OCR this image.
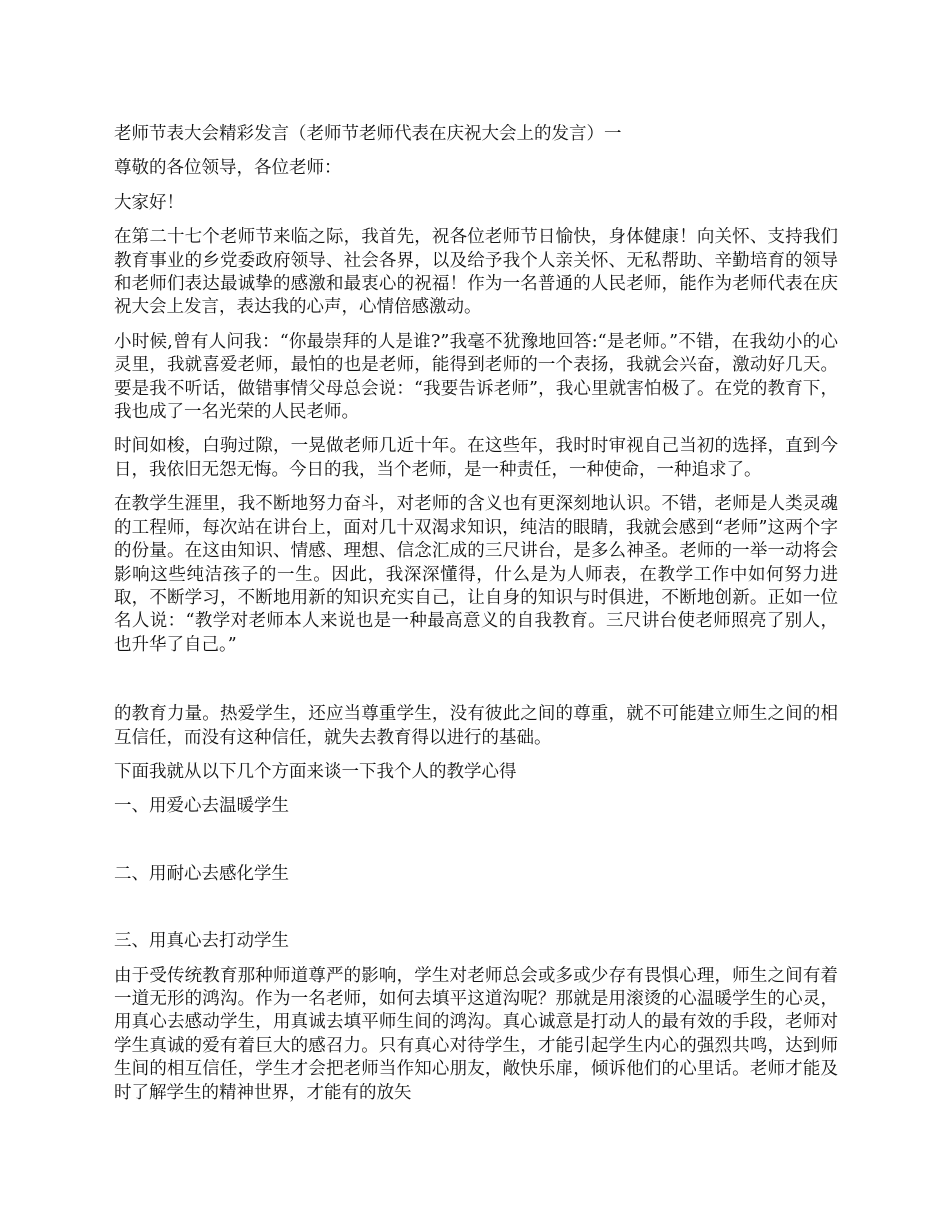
老师节表大会精彩发言（老师节老师代表在庆祝大会上的发言）一

尊敬的各位领导，各位老师：

大家好！

在第二十七个老师节来临之际，我首先，祝各位老师节日愉快，身体健康！向关怀、支持我们教育事业的乡党委政府领导、社会各界，以及给予我个人亲关怀、无私帮助、辛勤培育的领导和老师们表达最诚挚的感激和最衷心的祝福！作为一名普通的人民老师，能作为老师代表在庆祝大会上发言，表达我的心声，心情倍感激动。

小时候,曾有人问我：“你最崇拜的人是谁?”我毫不犹豫地回答:“是老师。”不错，在我幼小的心灵里，我就喜爱老师，最怕的也是老师，能得到老师的一个表扬，我就会兴奋，激动好几天。要是我不听话，做错事情父母总会说：“我要告诉老师”，我心里就害怕极了。在党的教育下，我也成了一名光荣的人民老师。

时间如梭，白驹过隙，一晃做老师几近十年。在这些年，我时时审视自己当初的选择，直到今日，我依旧无怨无悔。今日的我，当个老师，是一种责任，一种使命，一种追求了。

在教学生涯里，我不断地努力奋斗，对老师的含义也有更深刻地认识。不错，老师是人类灵魂的工程师，每次站在讲台上，面对几十双渴求知识，纯洁的眼睛，我就会感到“老师”这两个字的份量。在这由知识、情感、理想、信念汇成的三尺讲台，是多么神圣。老师的一举一动将会影响这些纯洁孩子的一生。因此，我深深懂得，什么是为人师表，在教学工作中如何努力进取，不断学习，不断地用新的知识充实自己，让自身的知识与时俱进，不断地创新。正如一位名人说：“教学对老师本人来说也是一种最高意义的自我教育。三尺讲台使老师照亮了别人，也升华了自己。”

的教育力量。热爱学生，还应当尊重学生，没有彼此之间的尊重，就不可能建立师生之间的相互信任，而没有这种信任，就失去教育得以进行的基础。

下面我就从以下几个方面来谈一下我个人的教学心得

一、用爱心去温暖学生

二、用耐心去感化学生

三、用真心去打动学生

由于受传统教育那种师道尊严的影响，学生对老师总会或多或少存有畏惧心理，师生之间有着一道无形的鸿沟。作为一名老师，如何去填平这道沟呢？那就是用滚烫的心温暖学生的心灵，用真心去感动学生，用真诚去填平师生间的鸿沟。真心诚意是打动人的最有效的手段，老师对学生真诚的爱有着巨大的感召力。只有真心对待学生，才能引起学生内心的强烈共鸣，达到师生间的相互信任，学生才会把老师当作知心朋友，敞快乐扉，倾诉他们的心里话。老师才能及时了解学生的精神世界，才能有的放矢
